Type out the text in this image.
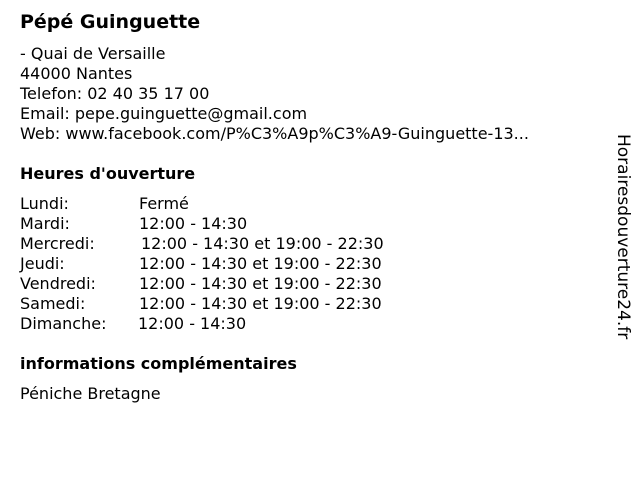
Pépé Guinguette
- Quai de Versaille
44000 Nantes
Telefon: 02 40 35 17 00
Email: pepe.guinguette@gmail.com
Web: www.facebook.com/P%C3%A9p%C3%A9-Guinguette-13...
Heures d'ouverture
Lundi:	Fermé
Mardi:	12:00 - 14:30
Mercredi:	12:00 - 14:30 et 19:00 - 22:30
Jeudi:	12:00 - 14:30 et 19:00 - 22:30
Vendredi:	12:00 - 14:30 et 19:00 - 22:30
Samedi:	12:00 - 14:30 et 19:00 - 22:30
Dimanche: 12:00 - 14:30
informations complémentaires
Péniche Bretagne
Horairesdouverture24.fr
